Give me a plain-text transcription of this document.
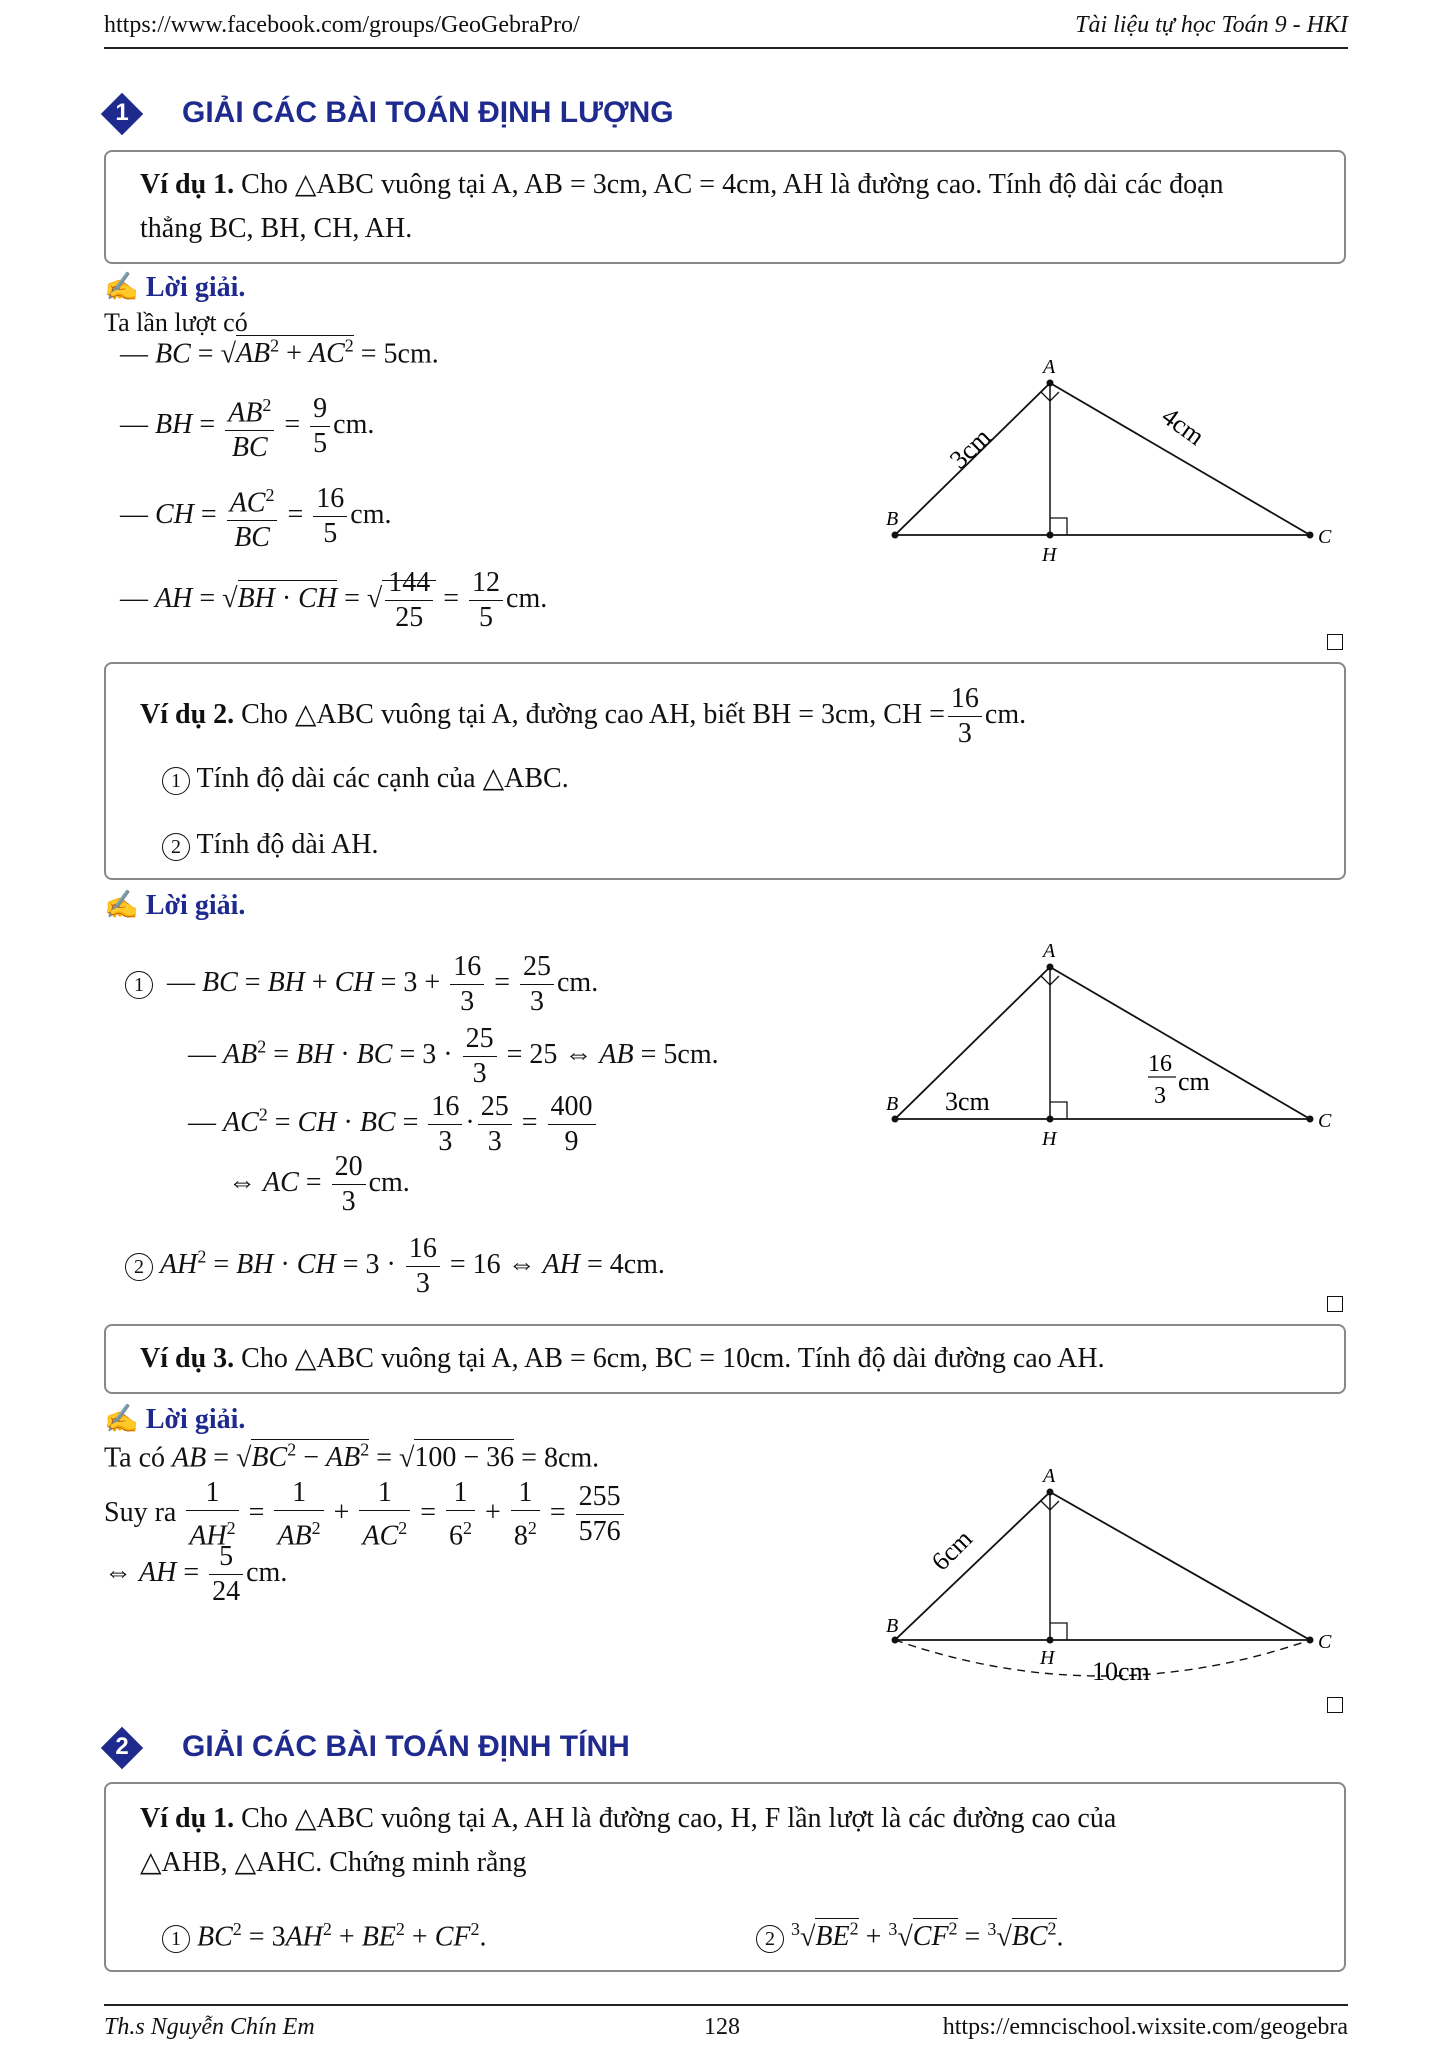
https://www.facebook.com/groups/GeoGebraPro/	Tài liệu tự học Toán 9 - HKI
1	GIẢI CÁC BÀI TOÁN ĐỊNH LƯỢNG
Ví dụ 1. Cho △ABC vuông tại A, AB = 3cm, AC = 4cm, AH là đường cao. Tính độ dài các đoạn
thẳng BC, BH, CH, AH.
✍ Lời giải.
Ta lần lượt có
— BC = $√AB^2 + AC^2 = 5cm$.
— BH = $\frac{AB^2}{BC} = \frac{9}{5}$ cm.
— CH = $\frac{AC^2}{BC} = \frac{16}{5}$ cm.
— AH = √BH · CH = √ $\frac{144}{25} = \frac{12}{5}$ cm.
A
B
C
H
3cm	4cm
Ví dụ 2. Cho △ABC vuông tại A, đường cao AH, biết BH = 3cm, CH = $\frac{16}{3}$ cm.
1 Tính độ dài các cạnh của △ABC.
2 Tính độ dài AH.
✍ Lời giải.
1  — BC = BH + CH = $3 + \frac{16}{3} = \frac{25}{3}$ cm.
— $AB^2$ = BH · BC = $3 \cdot \frac{25}{3} = 25$ ⇔ AB = 5cm.
— $AC^2$ = CH · BC = $\frac{16}{3} \cdot \frac{25}{3} = \frac{400}{9}$
⇔ AC = $\frac{20}{3}$ cm.
2 $AH^2$ = BH · CH = $3 \cdot \frac{16}{3} = 16$ ⇔ AH = 4cm.
A
B
C
H
3cm
16
3 cm
Ví dụ 3. Cho △ABC vuông tại A, AB = 6cm, BC = 10cm. Tính độ dài đường cao AH.
✍ Lời giải.
Ta có AB = $√BC^2 - AB^2 = √100 - 36 = 8cm$.
Suy ra $\frac{1}{AH^2} = \frac{1}{AB^2} + \frac{1}{AC^2} = \frac{1}{6^2} + \frac{1}{8^2} = \frac{255}{576}$
⇔ AH = $\frac{5}{24}$ cm.
A
B
C
H
6cm
10cm
2	GIẢI CÁC BÀI TOÁN ĐỊNH TÍNH
Ví dụ 1. Cho △ABC vuông tại A, AH là đường cao, H, F lần lượt là các đường cao của
△AHB, △AHC. Chứng minh rằng
1 $BC^2 = 3AH^2 + BE^2 + CF^2$.	2 $^3√BE^2 + ^3√CF^2 = ^3√BC^2$.
Th.s Nguyễn Chín Em	128	https://emncischool.wixsite.com/geogebra
